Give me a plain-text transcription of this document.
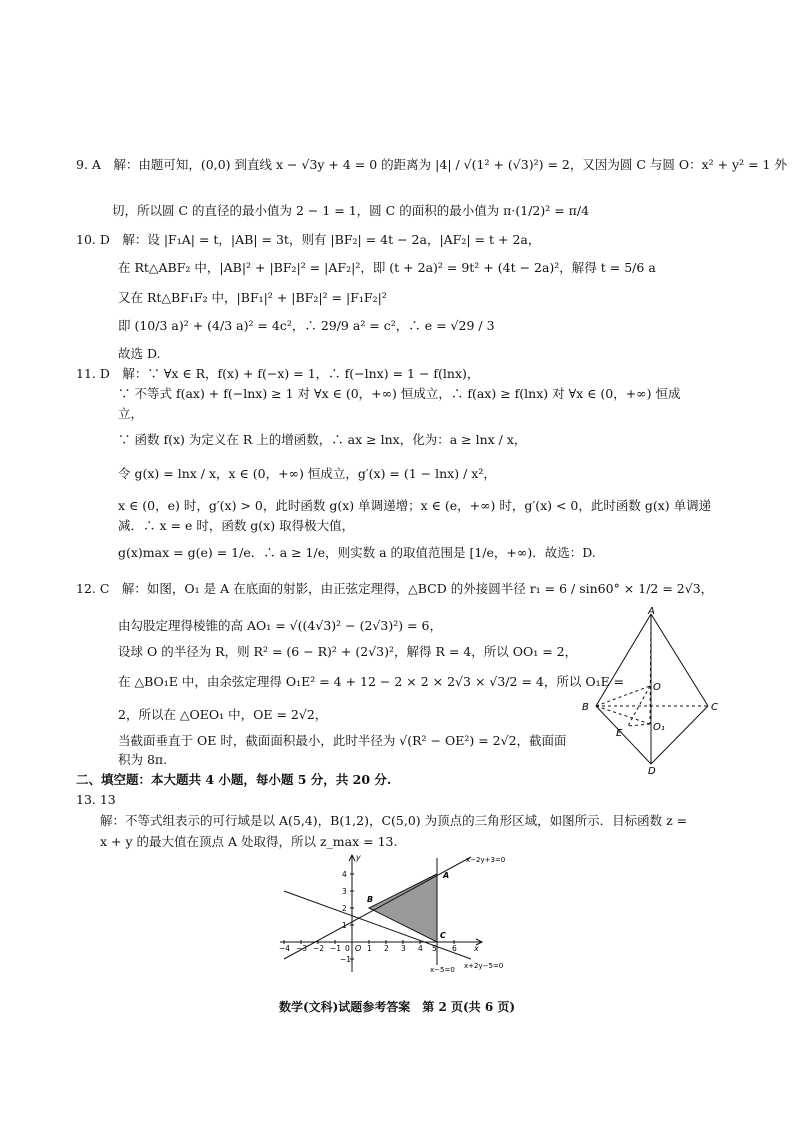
9. A　解：由题可知，(0,0) 到直线 x − √3y + 4 = 0 的距离为 |4| / √(1² + (√3)²) = 2，又因为圆 C 与圆 O：x² + y² = 1 外
切，所以圆 C 的直径的最小值为 2 − 1 = 1，圆 C 的面积的最小值为 π·(1/2)² = π/4
10. D　解：设 |F₁A| = t，|AB| = 3t，则有 |BF₂| = 4t − 2a，|AF₂| = t + 2a，
在 Rt△ABF₂ 中，|AB|² + |BF₂|² = |AF₂|²，即 (t + 2a)² = 9t² + (4t − 2a)²，解得 t = 5/6 a
又在 Rt△BF₁F₂ 中，|BF₁|² + |BF₂|² = |F₁F₂|²
即 (10/3 a)² + (4/3 a)² = 4c²，∴ 29/9 a² = c²，∴ e = √29 / 3
故选 D.
11. D　解：∵ ∀x ∈ R，f(x) + f(−x) = 1，∴ f(−lnx) = 1 − f(lnx)，
∵ 不等式 f(ax) + f(−lnx) ≥ 1 对 ∀x ∈ (0，+∞) 恒成立，∴ f(ax) ≥ f(lnx) 对 ∀x ∈ (0，+∞) 恒成
立，
∵ 函数 f(x) 为定义在 R 上的增函数，∴ ax ≥ lnx，化为：a ≥ lnx / x，
令 g(x) = lnx / x，x ∈ (0，+∞) 恒成立，g′(x) = (1 − lnx) / x²，
x ∈ (0，e) 时，g′(x) > 0，此时函数 g(x) 单调递增；x ∈ (e，+∞) 时，g′(x) < 0，此时函数 g(x) 单调递
减．∴ x = e 时，函数 g(x) 取得极大值，
g(x)max = g(e) = 1/e．∴ a ≥ 1/e，则实数 a 的取值范围是 [1/e，+∞)．故选：D.
12. C　解：如图，O₁ 是 A 在底面的射影，由正弦定理得，△BCD 的外接圆半径 r₁ = 6 / sin60° × 1/2 = 2√3，
由勾股定理得棱锥的高 AO₁ = √((4√3)² − (2√3)²) = 6，
设球 O 的半径为 R，则 R² = (6 − R)² + (2√3)²，解得 R = 4，所以 OO₁ = 2，
在 △BO₁E 中，由余弦定理得 O₁E² = 4 + 12 − 2 × 2 × 2√3 × √3/2 = 4，所以 O₁E =
2，所以在 △OEO₁ 中，OE = 2√2，
当截面垂直于 OE 时，截面面积最小，此时半径为 √(R² − OE²) = 2√2，截面面
积为 8π.
二、填空题：本大题共 4 小题，每小题 5 分，共 20 分.
13. 13
解：不等式组表示的可行域是以 A(5,4)，B(1,2)，C(5,0) 为顶点的三角形区域，如图所示．目标函数 z =
x + y 的最大值在顶点 A 处取得，所以 z_max = 13.
A
O
B
O₁
C
E
D
−4 −3 −2 −1 0 1 2 3 4 5 6
4
3
2
1
−1
x
y
O
A
B
C
x−2y+3=0
x+2y−5=0
x−5=0
数学(文科)试题参考答案　第 2 页(共 6 页)
